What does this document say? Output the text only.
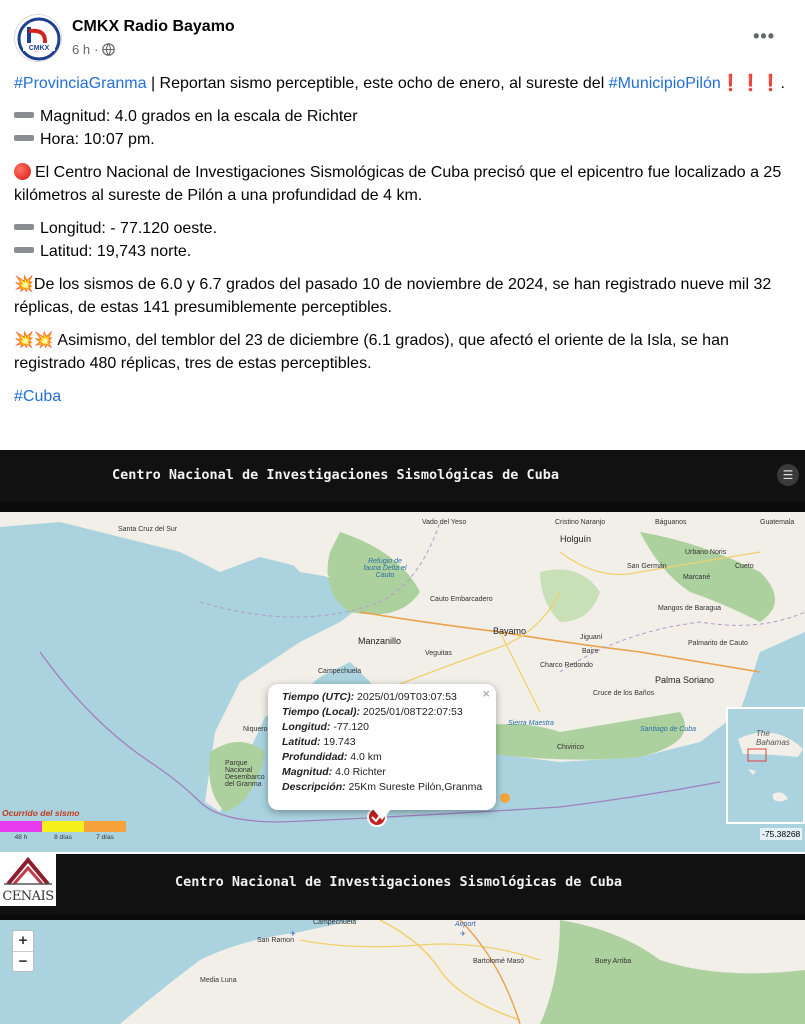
CMKX
CMKX Radio Bayamo
6 h ·
•••
#ProvinciaGranma | Reportan sismo perceptible, este ocho de enero, al sureste del #MunicipioPilón❗❗❗.
Magnitud: 4.0 grados en la escala de Richter
Hora: 10:07 pm.
El Centro Nacional de Investigaciones Sismológicas de Cuba precisó que el epicentro fue localizado a 25 kilómetros al sureste de Pilón a una profundidad de 4 km.
Longitud: - 77.120 oeste.
Latitud: 19,743 norte.
💥De los sismos de 6.0 y 6.7 grados del pasado 10 de noviembre de 2024, se han registrado nueve mil 32 réplicas, de estas 141 presumiblemente perceptibles.
💥💥 Asimismo, del temblor del 23 de diciembre (6.1 grados), que afectó el oriente de la Isla, se han registrado 480 réplicas, tres de estas perceptibles.
#Cuba
Centro Nacional de Investigaciones Sismológicas de Cuba	☰
Santa Cruz del Sur
Refugio de fauna Delta el Cauto
Vado del Yeso	Cristino Naranjo	Báguanos	Guatemala
Holguín
Urbano Noris
San Germán	Cueto
Marcané
Cauto Embarcadero
Mangos de Baragua
Bayamo
Manzanillo	Jiguaní
Veguitas	Baire
Palmarito de Cauto
Campechuela
Charco Redondo
Palma Soriano
Cruce de los Baños
Sierra Maestra
Santiago de Cuba
Chivirico
Niquero
Parque Nacional Desembarco del Granma
The Bahamas
-75.38268
Ocurrido del sismo
48 h	8 días	7 días
×
Tiempo (UTC): 2025/01/09T03:07:53
Tiempo (Local): 2025/01/08T22:07:53
Longitud: -77.120
Latitud: 19.743
Profundidad: 4.0 km
Magnitud: 4.0 Richter
Descripción: 25Km Sureste Pilón,Granma
Centro Nacional de Investigaciones Sismológicas de Cuba
CENAIS
+
−
Campechuela
✈
Airport
✈
San Ramon
Media Luna
Bartolomé Masó	Buey Arriba
